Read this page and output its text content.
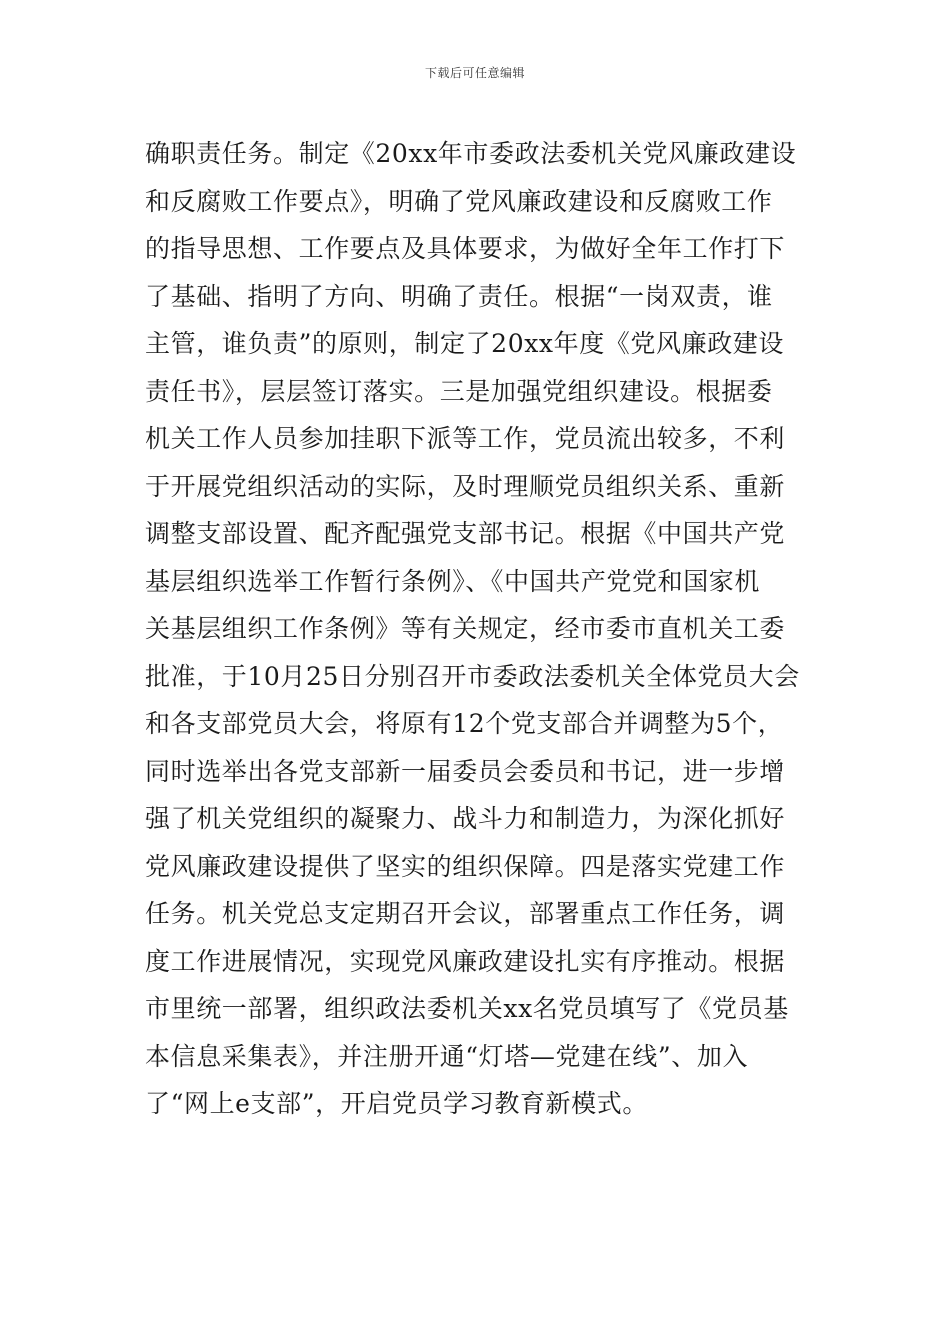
下载后可任意编辑
确职责任务。制定《20xx年市委政法委机关党风廉政建设
和反腐败工作要点》，明确了党风廉政建设和反腐败工作
的指导思想、工作要点及具体要求，为做好全年工作打下
了基础、指明了方向、明确了责任。根据“一岗双责，谁
主管，谁负责”的原则，制定了20xx年度《党风廉政建设
责任书》，层层签订落实。三是加强党组织建设。根据委
机关工作人员参加挂职下派等工作，党员流出较多，不利
于开展党组织活动的实际，及时理顺党员组织关系、重新
调整支部设置、配齐配强党支部书记。根据《中国共产党
基层组织选举工作暂行条例》、《中国共产党党和国家机
关基层组织工作条例》等有关规定，经市委市直机关工委
批准，于10月25日分别召开市委政法委机关全体党员大会
和各支部党员大会，将原有12个党支部合并调整为5个，
同时选举出各党支部新一届委员会委员和书记，进一步增
强了机关党组织的凝聚力、战斗力和制造力，为深化抓好
党风廉政建设提供了坚实的组织保障。四是落实党建工作
任务。机关党总支定期召开会议，部署重点工作任务，调
度工作进展情况，实现党风廉政建设扎实有序推动。根据
市里统一部署，组织政法委机关xx名党员填写了《党员基
本信息采集表》，并注册开通“灯塔—党建在线”、加入
了“网上e支部”，开启党员学习教育新模式。
